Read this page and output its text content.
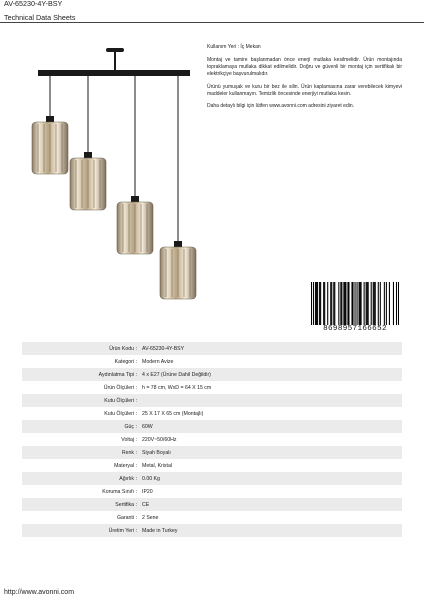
AV-65230-4Y-BSY
Technical Data Sheets

Kullanım Yeri : İç Mekan

Montaj ve tamire başlanmadan önce enerji mutlaka kesilmelidir. Ürün montajında topraklamaya mutlaka dikkat edilmelidir. Doğru ve güvenli bir montaj için sertifikalı bir elektrikçiye başvurulmalıdır.

Ürünü yumuşak ve kuru bir bez ile silin. Ürün kaplamasına zarar verebilecek kimyevi maddeler kullanmayın. Temizlik öncesinde enerjiyi mutlaka kesin.

Daha detaylı bilgi için lütfen www.avonni.com adresini ziyaret edin.

8698957166652
Ürün Kodu : AV-65230-4Y-BSY
Kategori : Modern Avize
Aydınlatma Tipi : 4 x E27 (Ürüne Dahil Değildir)
Ürün Ölçüleri : h = 78 cm, WxD = 64 X 15 cm
Kutu Ölçüleri :
Kutu Ölçüleri : 25 X 17 X 65 cm (Montajlı)
Güç : 60W
Voltaj : 220V~50/60Hz
Renk : Siyah Boyalı
Materyal : Metal, Kristal
Ağırlık : 0.00 Kg
Koruma Sınıfı : IP20
Sertifika : CE
Garanti : 2 Sene
Üretim Yeri : Made in Turkey
http://www.avonni.com
